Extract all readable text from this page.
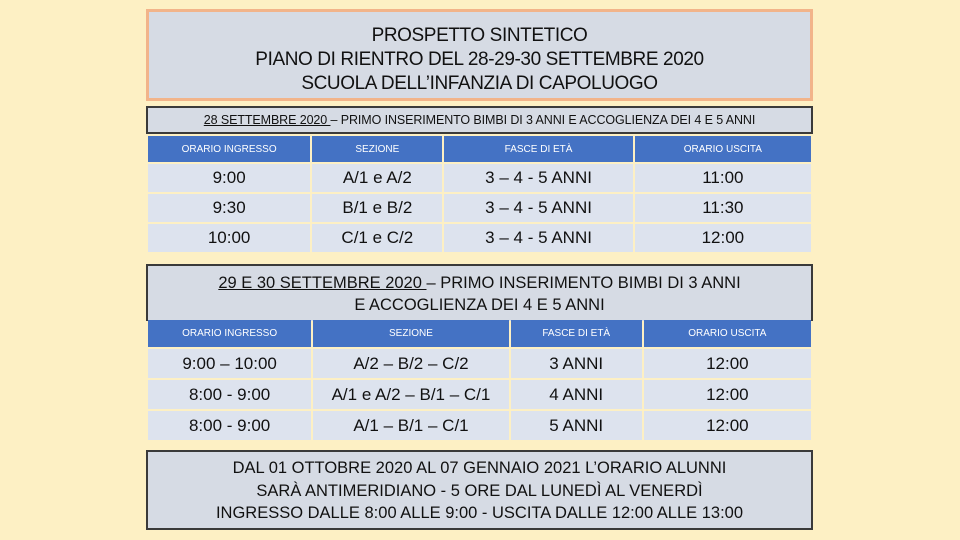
PROSPETTO SINTETICO
PIANO DI RIENTRO DEL 28-29-30 SETTEMBRE 2020
SCUOLA DELL’INFANZIA DI CAPOLUOGO
28 SETTEMBRE 2020 – PRIMO INSERIMENTO BIMBI DI 3 ANNI E ACCOGLIENZA DEI 4 E 5 ANNI
ORARIO INGRESSO	SEZIONE	FASCE DI ETÀ	ORARIO USCITA
9:00	A/1 e A/2	3 – 4 - 5 ANNI	11:00
9:30	B/1 e B/2	3 – 4 - 5 ANNI	11:30
10:00	C/1 e C/2	3 – 4 - 5 ANNI	12:00
29 E 30 SETTEMBRE 2020 – PRIMO INSERIMENTO BIMBI DI 3 ANNI
E ACCOGLIENZA DEI 4 E 5 ANNI
ORARIO INGRESSO	SEZIONE	FASCE DI ETÀ	ORARIO USCITA
9:00 – 10:00	A/2 – B/2 – C/2	3 ANNI	12:00
8:00 - 9:00	A/1 e A/2 – B/1 – C/1	4 ANNI	12:00
8:00 - 9:00	A/1 – B/1 – C/1	5 ANNI	12:00
DAL 01 OTTOBRE 2020 AL 07 GENNAIO 2021 L’ORARIO ALUNNI
SARÀ ANTIMERIDIANO - 5 ORE DAL LUNEDÌ AL VENERDÌ
INGRESSO DALLE 8:00 ALLE 9:00 - USCITA DALLE 12:00 ALLE 13:00
